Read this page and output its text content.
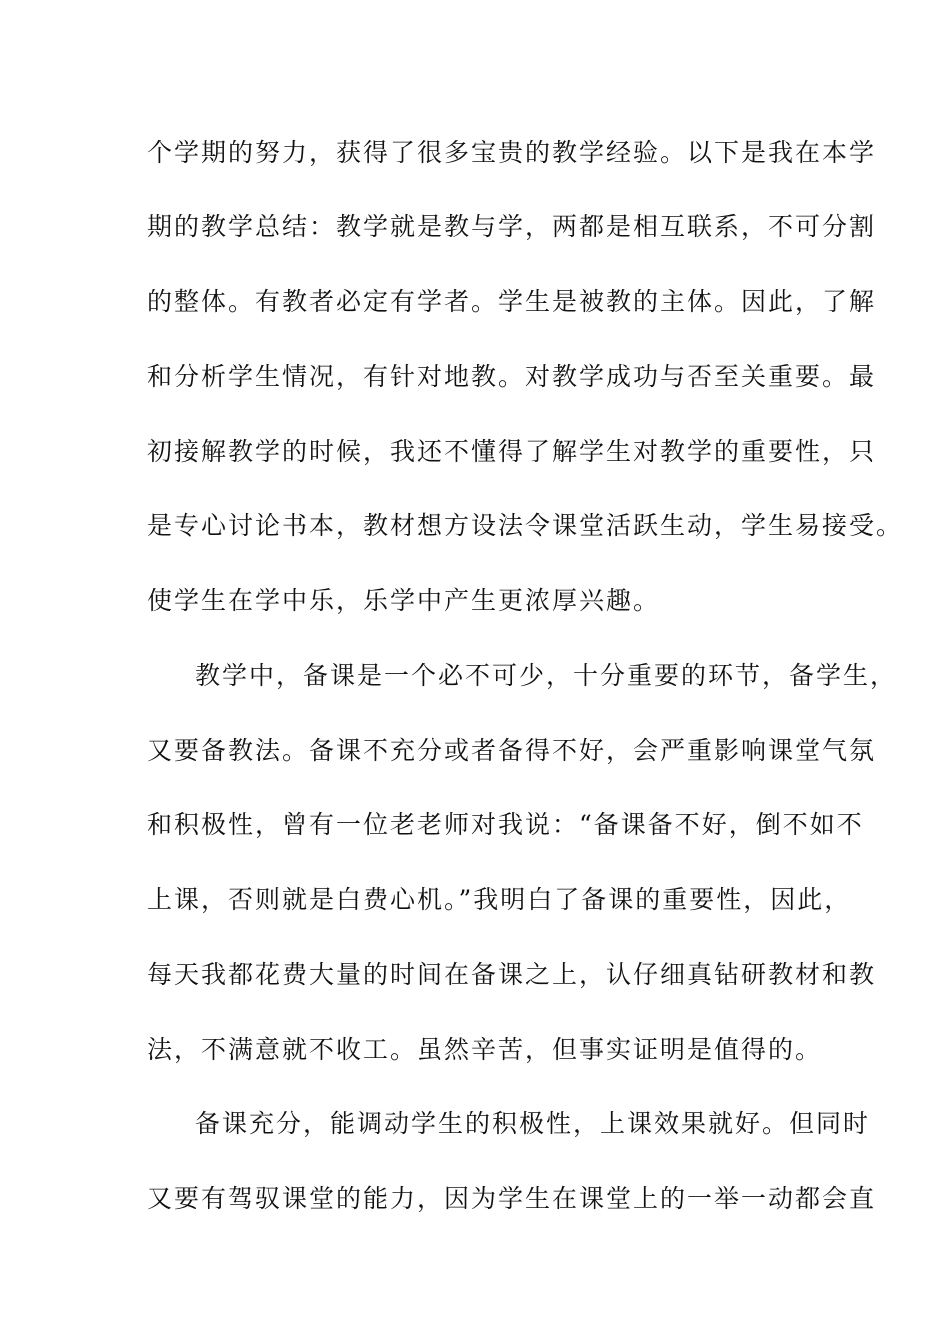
个学期的努力，获得了很多宝贵的教学经验。以下是我在本学
期的教学总结：教学就是教与学，两都是相互联系，不可分割
的整体。有教者必定有学者。学生是被教的主体。因此，了解
和分析学生情况，有针对地教。对教学成功与否至关重要。最
初接解教学的时候，我还不懂得了解学生对教学的重要性，只
是专心讨论书本，教材想方设法令课堂活跃生动，学生易接受。
使学生在学中乐，乐学中产生更浓厚兴趣。
教学中，备课是一个必不可少，十分重要的环节，备学生，
又要备教法。备课不充分或者备得不好，会严重影响课堂气氛
和积极性，曾有一位老老师对我说：“备课备不好，倒不如不
上课，否则就是白费心机。”我明白了备课的重要性，因此，
每天我都花费大量的时间在备课之上，认仔细真钻研教材和教
法，不满意就不收工。虽然辛苦，但事实证明是值得的。
备课充分，能调动学生的积极性，上课效果就好。但同时
又要有驾驭课堂的能力，因为学生在课堂上的一举一动都会直
